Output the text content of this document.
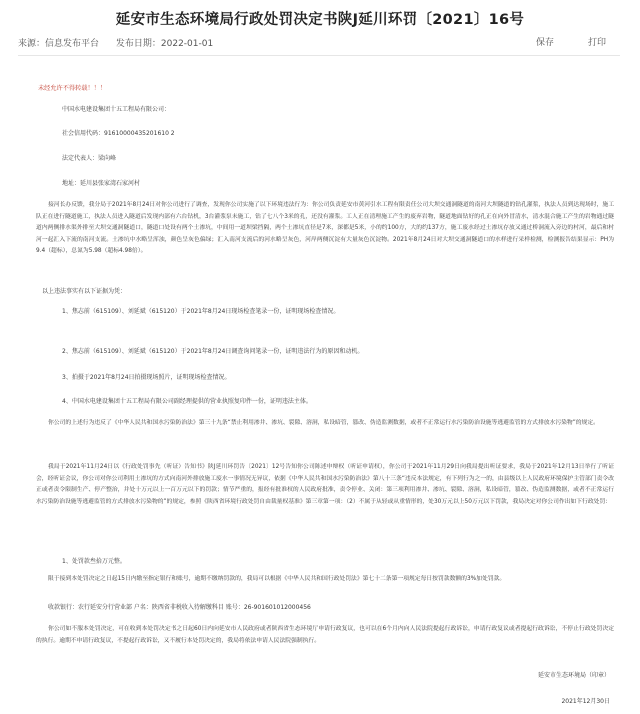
延安市生态环境局行政处罚决定书陕J延川环罚〔2021〕16号
来源：信息发布平台 发布日期：2022-01-01	保存	打印
未经允许不得转载！！！
中国水电建设集团十五工程局有限公司：
社会信用代码：91610000435201610 2
法定代表人：梁向峰
地址：延川县张家湾石家河村
接河长办反馈，我分局于2021年8月24日对你公司进行了调查，发现你公司实施了以下环境违法行为：你公司负责延安市黄河引水工程有限责任公司大坝交通洞隧道的南河大坝隧道的钻孔灌浆，执法人员到达现场时，施工队正在进行隧道施工，执法人员进入隧道后发现内部有六台钻机，3台灌浆泵未施工，钻了七八个3米的孔，还没有灌浆。工人正在清理施工产生的废弃岩物，隧道地面钻好的孔正在向外冒清水，清水混合施工产生的岩物通过隧道内两侧排水渠外排至大坝交通洞隧道口，隧道口处设有两个土渗坑，中间用一道坝梁挡隔，两个土渗坑直径是7米，深都是5米，小的约100方，大的约137方，施工废水经过土渗坑存放又通过桥洞流入旁边的村河，最后和村河一起汇入下流的南河支流。土渗坑中水略呈浑浊，颜色呈灰色偏绿；汇入南河支流后的河水略呈灰色，河岸两侧沉淀有大量灰色沉淀物。2021年8月24日对大坝交通洞隧道口的水样进行采样检测，检测报告结果显示：PH为9.4（超标），总氮为5.98（超标4.98倍）。
以上违法事实有以下证据为凭：
1、焦志前（615109）、刘延斌（615120）于2021年8月24日现场检查笔录一份，证明现场检查情况。
2、焦志前（615109）、刘延斌（615120）于2021年8月24日调查询问笔录一份，证明违法行为的原因和动机。
3、拍摄于2021年8月24日拍摄现场照片，证明现场检查情况。
4、中国水电建设集团十五工程局有限公司副经理提供的营业执照复印件一份，证明违法主体。
你公司的上述行为违反了《中华人民共和国水污染防治法》第三十九条“禁止利用渗井、渗坑、裂隙、溶洞，私设暗管，篡改、伪造监测数据，或者不正常运行水污染防治设施等逃避监管的方式排放水污染物”的规定。
我局于2021年11月24日以《行政处罚事先（听证）告知书》陕J延川环罚告〔2021〕12号告知你公司陈述申辩权（听证申请权），你公司于2021年11月29日向我局提出听证要求，我局于2021年12月13日举行了听证会，经听证会议，你公司对你公司利用土渗坑的方式向南河外排放施工废水一事情况无异议，依据《中华人民共和国水污染防治法》第八十三条“违反本法规定，有下列行为之一的，由县级以上人民政府环境保护主管部门责令改正或者责令限制生产、停产整治，并处十万元以上一百万元以下的罚款；情节严重的，报经有批准权的人民政府批准，责令停业、关闭：第三项利用渗井、渗坑、裂隙、溶洞，私设暗管，篡改、伪造监测数据，或者不正常运行水污染防治设施等逃避监管的方式排放水污染物的”的规定，参照《陕西省环境行政处罚自由裁量权基准》第三章第一项：（2）不属于从轻或从重情形的，处30万元以上50万元以下罚款，我局决定对你公司作出如下行政处罚：
1、处罚款叁拾万元整。
限于接到本处罚决定之日起15日内缴至指定银行和账号，逾期不缴纳罚款的，我局可以根据《中华人民共和国行政处罚法》第七十二条第一项规定每日按罚款数额的3%加处罚款。
收款银行：农行延安分行营业部 户名：陕西省非税收入待解缴科目 账号：26-901601012000456
你公司如不服本处罚决定，可在收到本处罚决定书之日起60日内向延安市人民政府或者陕西省生态环境厅申请行政复议，也可以在6个月内向人民法院提起行政诉讼，申请行政复议或者提起行政诉讼，不停止行政处罚决定的执行。逾期不申请行政复议，不提起行政诉讼，又不履行本处罚决定的，我局将依法申请人民法院强制执行。
延安市生态环境局（印章）
2021年12月30日
